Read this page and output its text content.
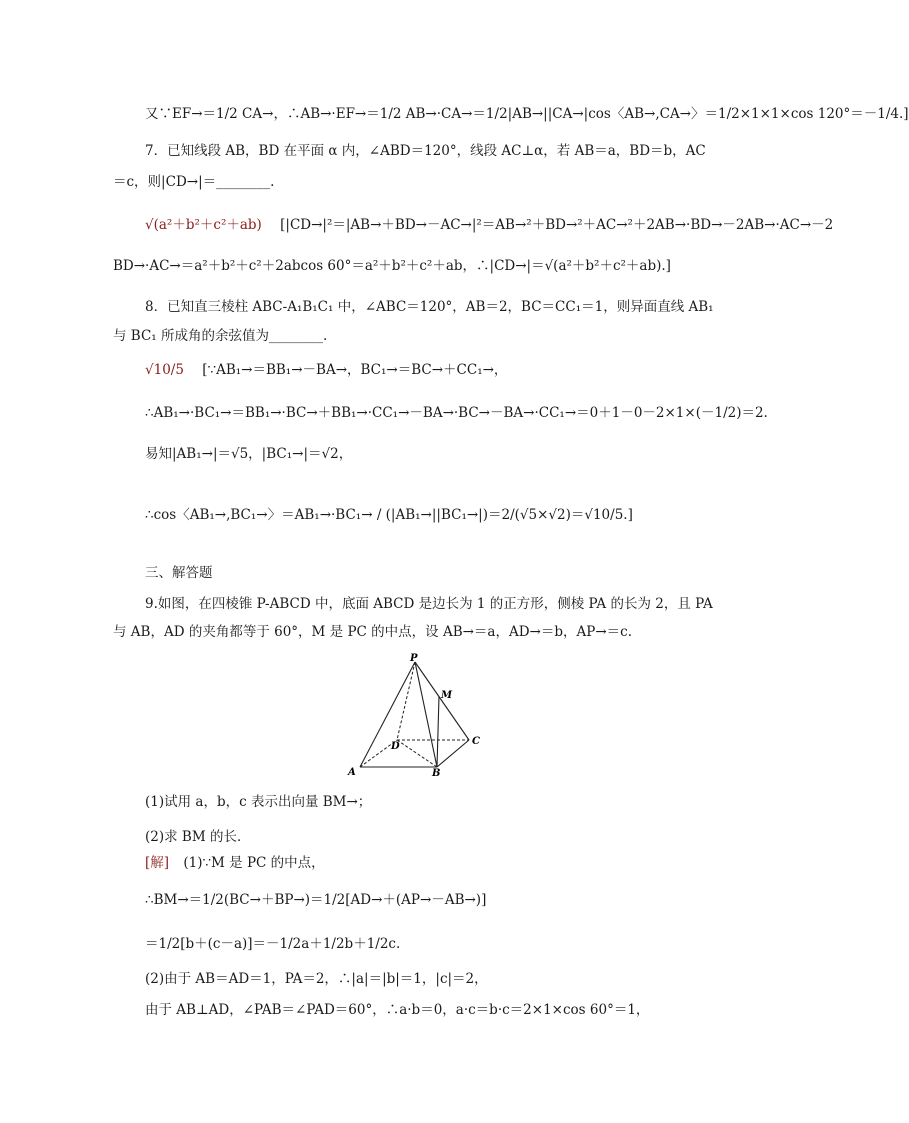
又∵EF→＝1/2 CA→，∴AB→·EF→＝1/2 AB→·CA→＝1/2|AB→||CA→|cos〈AB→,CA→〉＝1/2×1×1×cos 120°＝－1/4.]
7．已知线段 AB，BD 在平面 α 内，∠ABD＝120°，线段 AC⊥α，若 AB＝a，BD＝b，AC
＝c，则|CD→|＝________.
√(a²＋b²＋c²＋ab) [|CD→|²＝|AB→＋BD→－AC→|²＝AB→²＋BD→²＋AC→²＋2AB→·BD→－2AB→·AC→－2
BD→·AC→＝a²＋b²＋c²＋2abcos 60°＝a²＋b²＋c²＋ab，∴|CD→|＝√(a²＋b²＋c²＋ab).]
8．已知直三棱柱 ABC-A₁B₁C₁ 中，∠ABC＝120°，AB＝2，BC＝CC₁＝1，则异面直线 AB₁
与 BC₁ 所成角的余弦值为________.
√10/5 [∵AB₁→＝BB₁→－BA→，BC₁→＝BC→＋CC₁→，
∴AB₁→·BC₁→＝BB₁→·BC→＋BB₁→·CC₁→－BA→·BC→－BA→·CC₁→＝0＋1－0－2×1×(－1/2)＝2.
易知|AB₁→|＝√5，|BC₁→|＝√2，
∴cos〈AB₁→,BC₁→〉＝AB₁→·BC₁→ / (|AB₁→||BC₁→|)＝2/(√5×√2)＝√10/5.]
三、解答题
9.如图，在四棱锥 P-ABCD 中，底面 ABCD 是边长为 1 的正方形，侧棱 PA 的长为 2，且 PA
与 AB，AD 的夹角都等于 60°，M 是 PC 的中点，设 AB→＝a，AD→＝b，AP→＝c.
P
M
D	C
A	B
(1)试用 a，b，c 表示出向量 BM→；
(2)求 BM 的长．
[解] (1)∵M 是 PC 的中点，
∴BM→＝1/2(BC→＋BP→)＝1/2[AD→＋(AP→－AB→)]
＝1/2[b＋(c－a)]＝－1/2a＋1/2b＋1/2c.
(2)由于 AB＝AD＝1，PA＝2，∴|a|＝|b|＝1，|c|＝2，
由于 AB⊥AD，∠PAB＝∠PAD＝60°，∴a·b＝0，a·c＝b·c＝2×1×cos 60°＝1，
